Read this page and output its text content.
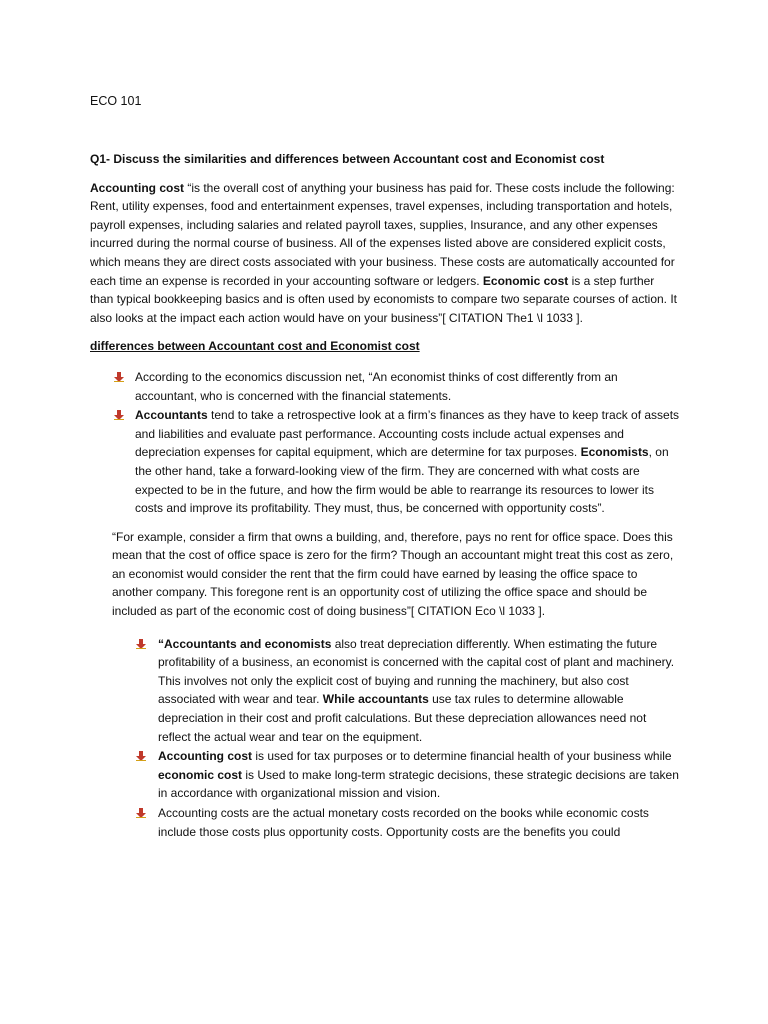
ECO 101

Q1- Discuss the similarities and differences between Accountant cost and Economist cost

Accounting cost “is the overall cost of anything your business has paid for. These costs include the following: Rent, utility expenses, food and entertainment expenses, travel expenses, including transportation and hotels, payroll expenses, including salaries and related payroll taxes, supplies, Insurance, and any other expenses incurred during the normal course of business. All of the expenses listed above are considered explicit costs, which means they are direct costs associated with your business. These costs are automatically accounted for each time an expense is recorded in your accounting software or ledgers. Economic cost is a step further than typical bookkeeping basics and is often used by economists to compare two separate courses of action. It also looks at the impact each action would have on your business”[ CITATION The1 \l 1033 ].

differences between Accountant cost and Economist cost

According to the economics discussion net, “An economist thinks of cost differently from an accountant, who is concerned with the financial statements.
Accountants tend to take a retrospective look at a firm’s finances as they have to keep track of assets and liabilities and evaluate past performance. Accounting costs include actual expenses and depreciation expenses for capital equipment, which are determine for tax purposes. Economists, on the other hand, take a forward-looking view of the firm. They are concerned with what costs are expected to be in the future, and how the firm would be able to rearrange its resources to lower its costs and improve its profitability. They must, thus, be concerned with opportunity costs”.

“For example, consider a firm that owns a building, and, therefore, pays no rent for office space. Does this mean that the cost of office space is zero for the firm? Though an accountant might treat this cost as zero, an economist would consider the rent that the firm could have earned by leasing the office space to another company. This foregone rent is an opportunity cost of utilizing the office space and should be included as part of the economic cost of doing business”[ CITATION Eco \l 1033 ].

“Accountants and economists also treat depreciation differently. When estimating the future profitability of a business, an economist is concerned with the capital cost of plant and machinery. This involves not only the explicit cost of buying and running the machinery, but also cost associated with wear and tear. While accountants use tax rules to determine allowable depreciation in their cost and profit calculations. But these depreciation allowances need not reflect the actual wear and tear on the equipment.
Accounting cost is used for tax purposes or to determine financial health of your business while economic cost is Used to make long-term strategic decisions, these strategic decisions are taken in accordance with organizational mission and vision.
Accounting costs are the actual monetary costs recorded on the books while economic costs include those costs plus opportunity costs. Opportunity costs are the benefits you could
